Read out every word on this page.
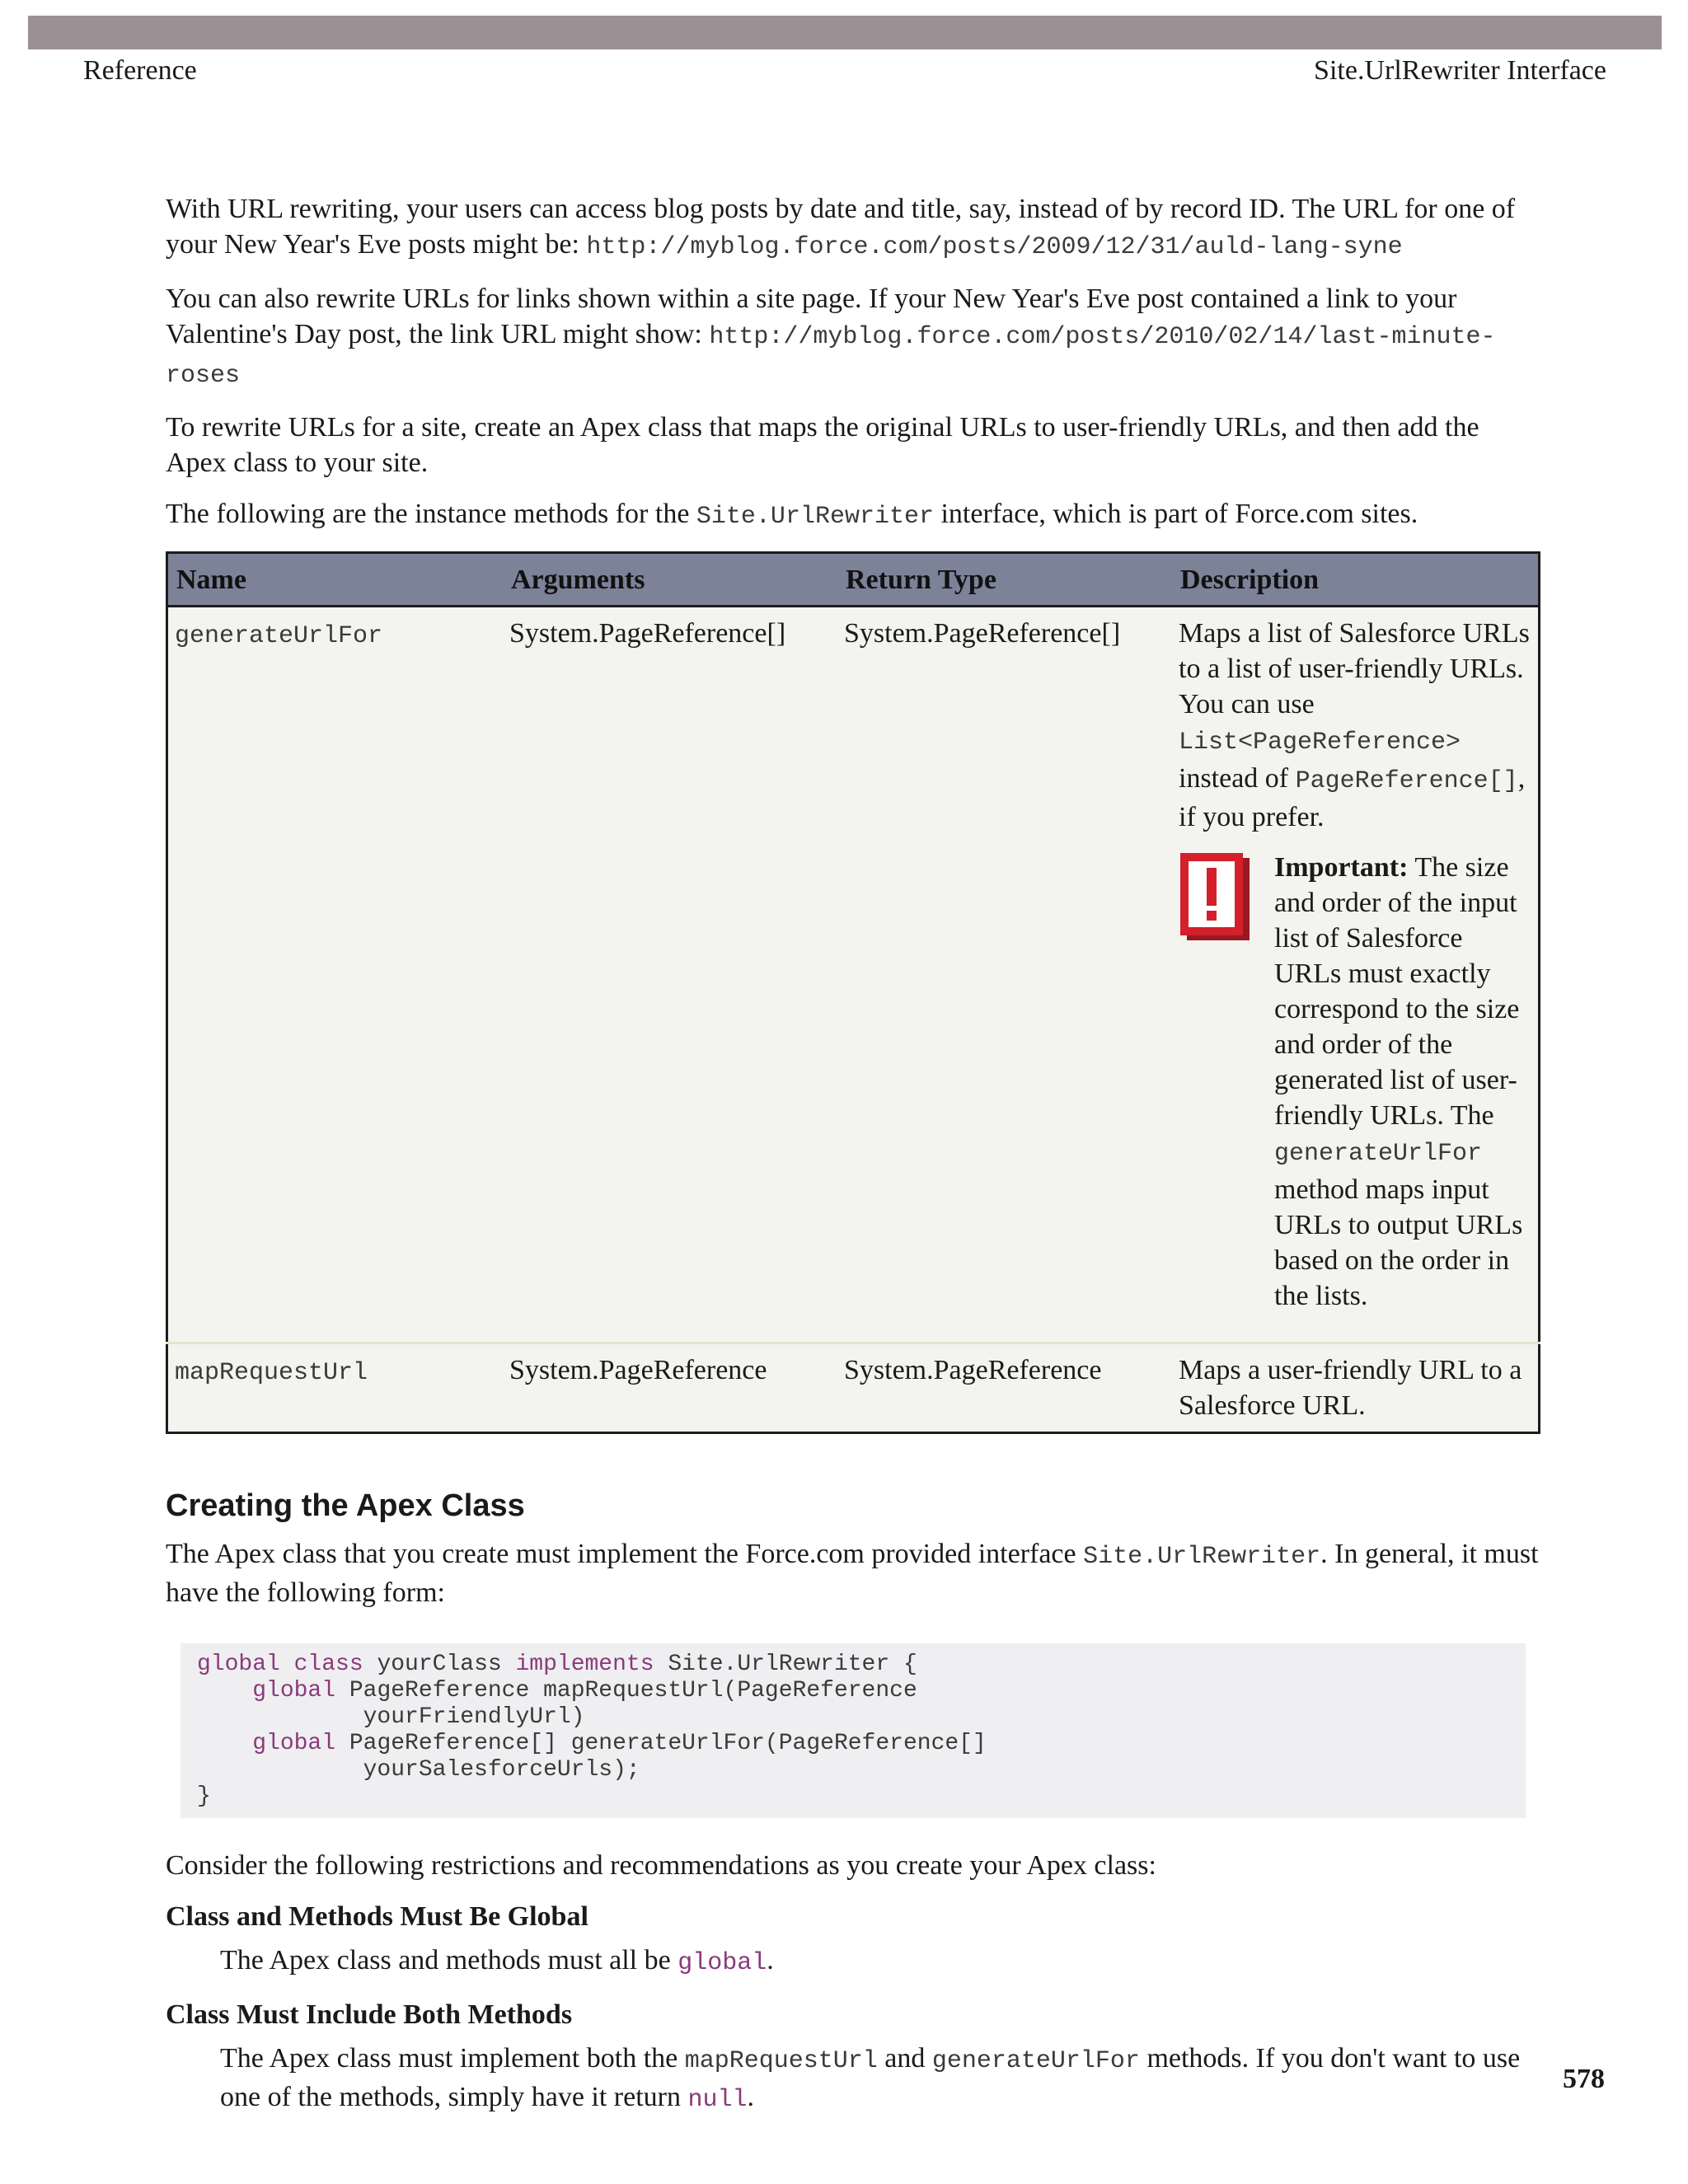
Reference	Site.UrlRewriter Interface

With URL rewriting, your users can access blog posts by date and title, say, instead of by record ID. The URL for one of your New Year's Eve posts might be: http://myblog.force.com/posts/2009/12/31/auld-lang-syne

You can also rewrite URLs for links shown within a site page. If your New Year's Eve post contained a link to your Valentine's Day post, the link URL might show: http://myblog.force.com/posts/2010/02/14/last-minute-roses

To rewrite URLs for a site, create an Apex class that maps the original URLs to user-friendly URLs, and then add the Apex class to your site.

The following are the instance methods for the Site.UrlRewriter interface, which is part of Force.com sites.

Name	Arguments	Return Type	Description
generateUrlFor	System.PageReference[]	System.PageReference[]	Maps a list of Salesforce URLs to a list of user-friendly URLs. You can use List<PageReference> instead of PageReference[], if you prefer.
Important: The size and order of the input list of Salesforce URLs must exactly correspond to the size and order of the generated list of user-friendly URLs. The generateUrlFor method maps input URLs to output URLs based on the order in the lists.

mapRequestUrl	System.PageReference	System.PageReference	Maps a user-friendly URL to a Salesforce URL.
Creating the Apex Class

The Apex class that you create must implement the Force.com provided interface Site.UrlRewriter. In general, it must have the following form:

global class yourClass implements Site.UrlRewriter {
global PageReference mapRequestUrl(PageReference
yourFriendlyUrl)
global PageReference[] generateUrlFor(PageReference[]
yourSalesforceUrls);
}

Consider the following restrictions and recommendations as you create your Apex class:

Class and Methods Must Be Global
The Apex class and methods must all be global.
Class Must Include Both Methods
The Apex class must implement both the mapRequestUrl and generateUrlFor methods. If you don't want to use one of the methods, simply have it return null.
578
